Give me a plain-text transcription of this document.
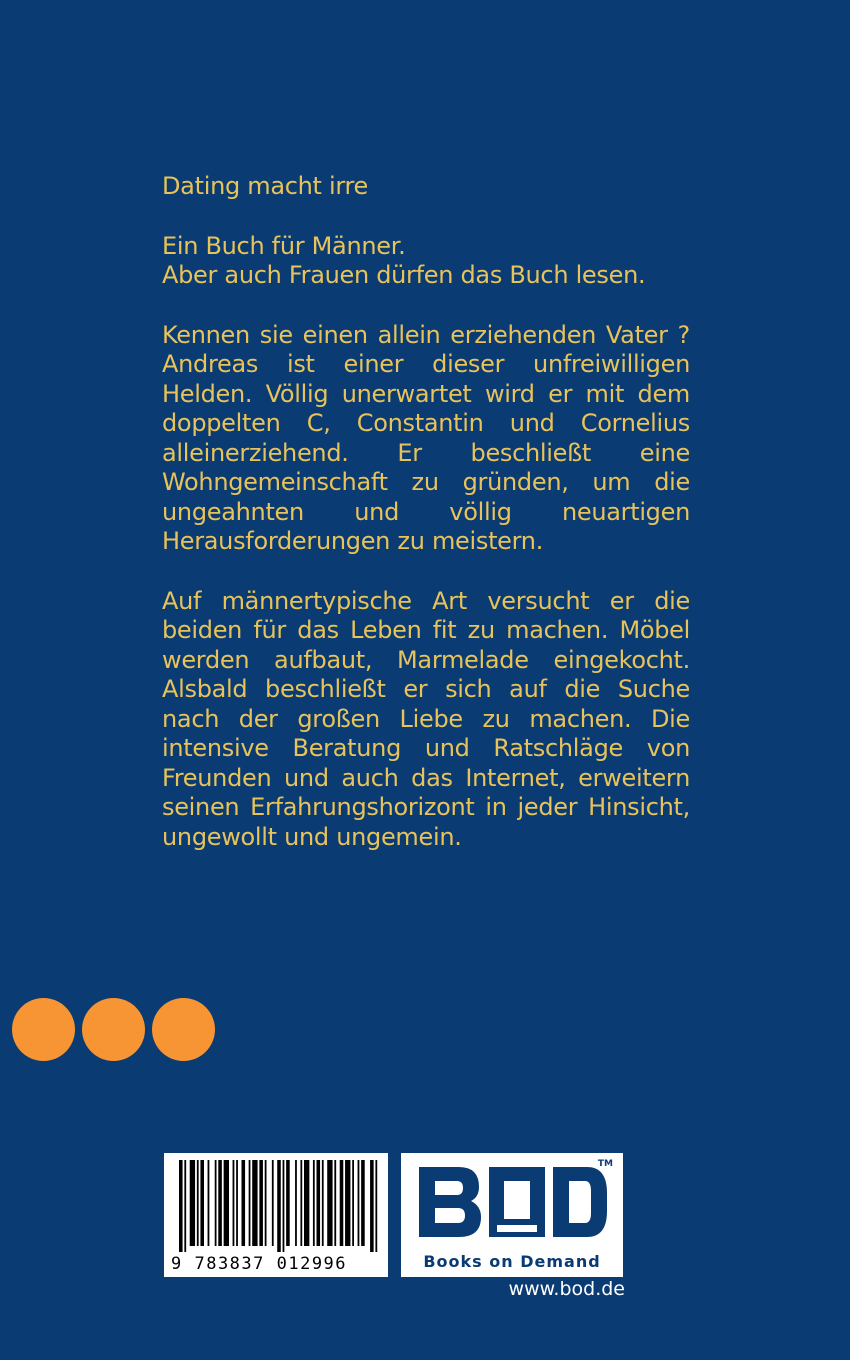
Dating macht irre
Ein Buch für Männer.
Aber auch Frauen dürfen das Buch lesen.

Kennen sie einen allein erziehenden Vater ? Andreas ist einer dieser unfreiwilligen Helden. Völlig unerwartet wird er mit dem doppelten C, Constantin und Cornelius alleinerziehend. Er beschließt eine Wohngemeinschaft zu gründen, um die ungeahnten und völlig neuartigen Herausforderungen zu meistern.

Auf männertypische Art versucht er die beiden für das Leben fit zu machen. Möbel werden aufbaut, Marmelade eingekocht. Alsbald beschließt er sich auf die Suche nach der großen Liebe zu machen. Die intensive Beratung und Ratschläge von Freunden und auch das Internet, erweitern seinen Erfahrungshorizont in jeder Hinsicht, ungewollt und ungemein.

9 783837 012996
TM
Books on Demand
www.bod.de
